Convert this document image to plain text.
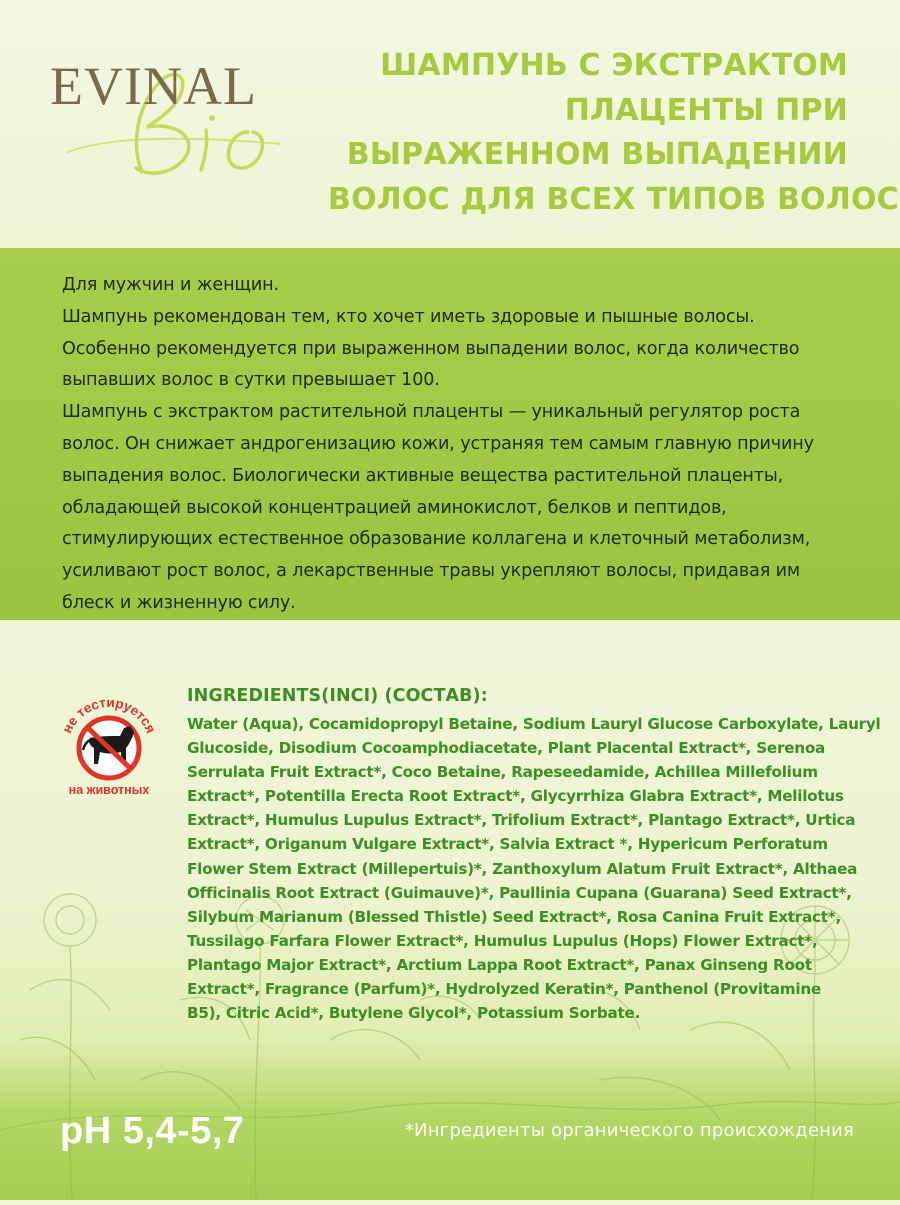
EVINAL	ШАМПУНЬ С ЭКСТРАКТОМ
ПЛАЦЕНТЫ ПРИ
ВЫРАЖЕННОМ ВЫПАДЕНИИ
ВОЛОС ДЛЯ ВСЕХ ТИПОВ ВОЛОС
Для мужчин и женщин.
Шампунь рекомендован тем, кто хочет иметь здоровые и пышные волосы.
Особенно рекомендуется при выраженном выпадении волос, когда количество
выпавших волос в сутки превышает 100.
Шампунь с экстрактом растительной плаценты — уникальный регулятор роста
волос. Он снижает андрогенизацию кожи, устраняя тем самым главную причину
выпадения волос. Биологически активные вещества растительной плаценты,
обладающей высокой концентрацией аминокислот, белков и пептидов,
стимулирующих естественное образование коллагена и клеточный метаболизм,
усиливают рост волос, а лекарственные травы укрепляют волосы, придавая им
блеск и жизненную силу.
не тестируется
на животных
INGREDIENTS(INCI) (СОСТАВ):
Water (Aqua), Cocamidopropyl Betaine, Sodium Lauryl Glucose Carboxylate, Lauryl
Glucoside, Disodium Cocoamphodiacetate, Plant Placental Extract*, Serenoa
Serrulata Fruit Extract*, Coco Betaine, Rapeseedamide, Achillea Millefolium
Extract*, Potentilla Erecta Root Extract*, Glycyrrhiza Glabra Extract*, Melilotus
Extract*, Humulus Lupulus Extract*, Trifolium Extract*, Plantago Extract*, Urtica
Extract*, Origanum Vulgare Extract*, Salvia Extract *, Hypericum Perforatum
Flower Stem Extract (Millepertuis)*, Zanthoxylum Alatum Fruit Extract*, Althaea
Officinalis Root Extract (Guimauve)*, Paullinia Cupana (Guarana) Seed Extract*,
Silybum Marianum (Blessed Thistle) Seed Extract*, Rosa Canina Fruit Extract*,
Tussilago Farfara Flower Extract*, Humulus Lupulus (Hops) Flower Extract*,
Plantago Major Extract*, Arctium Lappa Root Extract*, Panax Ginseng Root
Extract*, Fragrance (Parfum)*, Hydrolyzed Keratin*, Panthenol (Provitamine
B5), Citric Acid*, Butylene Glycol*, Potassium Sorbate.
pH 5,4-5,7	*Ингредиенты органического происхождения
